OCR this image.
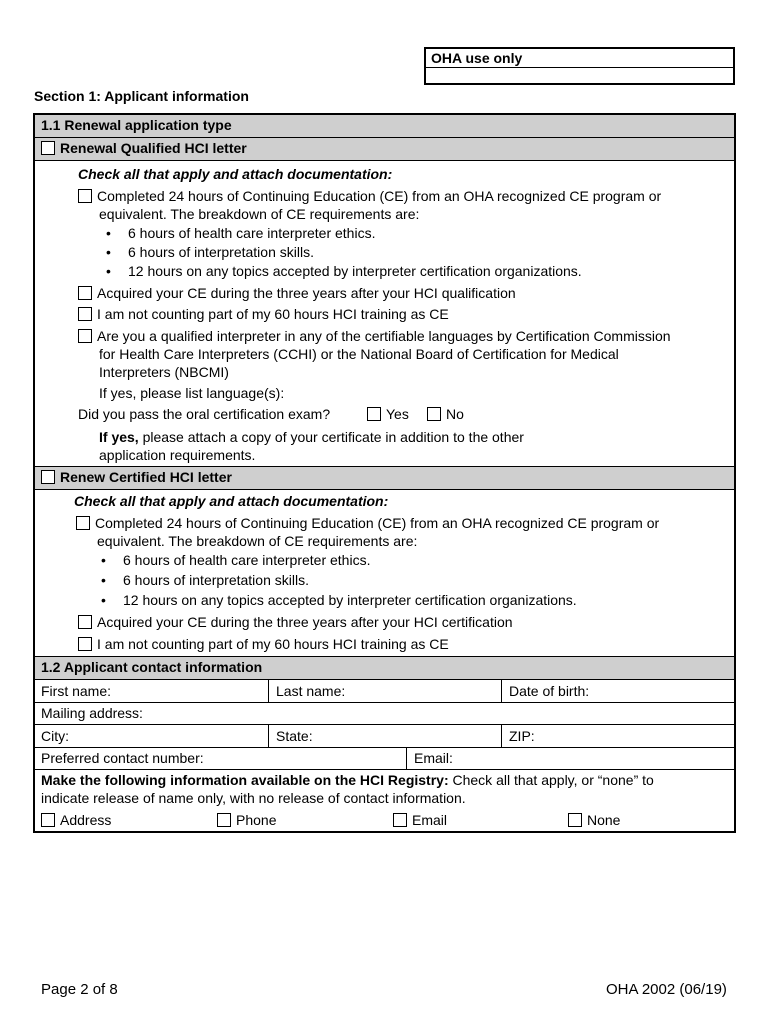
OHA use only
Section 1: Applicant information
1.1 Renewal application type
Renewal Qualified HCI letter
Check all that apply and attach documentation:
Completed 24 hours of Continuing Education (CE) from an OHA recognized CE program or
equivalent. The breakdown of CE requirements are:
• 6 hours of health care interpreter ethics.
• 6 hours of interpretation skills.
• 12 hours on any topics accepted by interpreter certification organizations.
Acquired your CE during the three years after your HCI qualification
I am not counting part of my 60 hours HCI training as CE
Are you a qualified interpreter in any of the certifiable languages by Certification Commission
for Health Care Interpreters (CCHI) or the National Board of Certification for Medical
Interpreters (NBCMI)
If yes, please list language(s):
Did you pass the oral certification exam?	Yes	No
If yes, please attach a copy of your certificate in addition to the other
application requirements.
Renew Certified HCI letter
Check all that apply and attach documentation:
Completed 24 hours of Continuing Education (CE) from an OHA recognized CE program or
equivalent. The breakdown of CE requirements are:
• 6 hours of health care interpreter ethics.
• 6 hours of interpretation skills.
• 12 hours on any topics accepted by interpreter certification organizations.
Acquired your CE during the three years after your HCI certification
I am not counting part of my 60 hours HCI training as CE
1.2 Applicant contact information
First name:	Last name:	Date of birth:
Mailing address:
City:	State:	ZIP:
Preferred contact number:	Email:
Make the following information available on the HCI Registry: Check all that apply, or “none” to
indicate release of name only, with no release of contact information.
Address	Phone	Email	None
Page 2 of 8	OHA 2002 (06/19)
